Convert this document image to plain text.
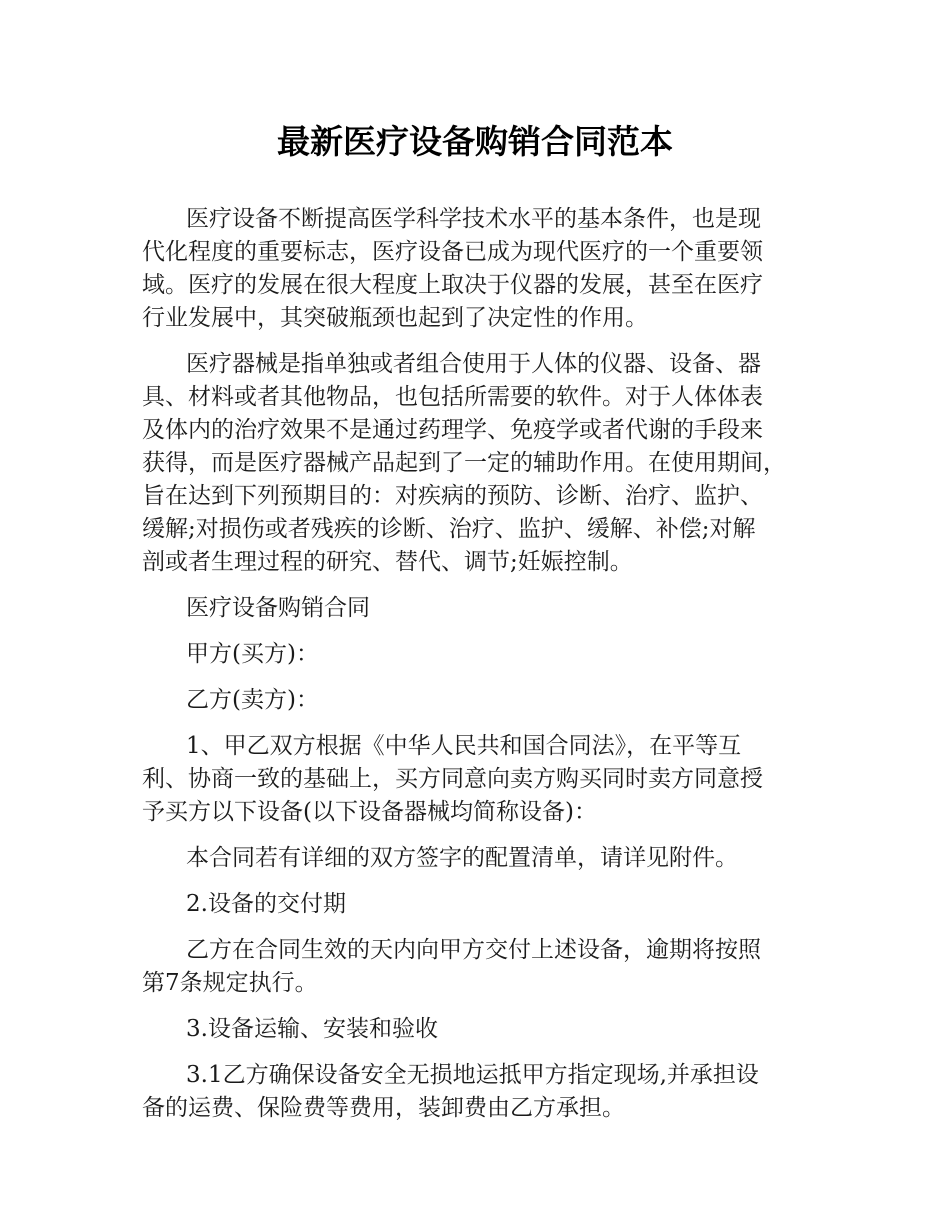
最新医疗设备购销合同范本

医疗设备不断提高医学科学技术水平的基本条件，也是现
代化程度的重要标志，医疗设备已成为现代医疗的一个重要领
域。医疗的发展在很大程度上取决于仪器的发展，甚至在医疗
行业发展中，其突破瓶颈也起到了决定性的作用。

医疗器械是指单独或者组合使用于人体的仪器、设备、器
具、材料或者其他物品，也包括所需要的软件。对于人体体表
及体内的治疗效果不是通过药理学、免疫学或者代谢的手段来
获得，而是医疗器械产品起到了一定的辅助作用。在使用期间，
旨在达到下列预期目的：对疾病的预防、诊断、治疗、监护、
缓解;对损伤或者残疾的诊断、治疗、监护、缓解、补偿;对解
剖或者生理过程的研究、替代、调节;妊娠控制。

医疗设备购销合同

甲方(买方)：

乙方(卖方)：

1、甲乙双方根据《中华人民共和国合同法》，在平等互
利、协商一致的基础上，买方同意向卖方购买同时卖方同意授
予买方以下设备(以下设备器械均简称设备)：

本合同若有详细的双方签字的配置清单，请详见附件。

2.设备的交付期

乙方在合同生效的天内向甲方交付上述设备，逾期将按照
第7条规定执行。

3.设备运输、安装和验收

3.1乙方确保设备安全无损地运抵甲方指定现场,并承担设
备的运费、保险费等费用，装卸费由乙方承担。
